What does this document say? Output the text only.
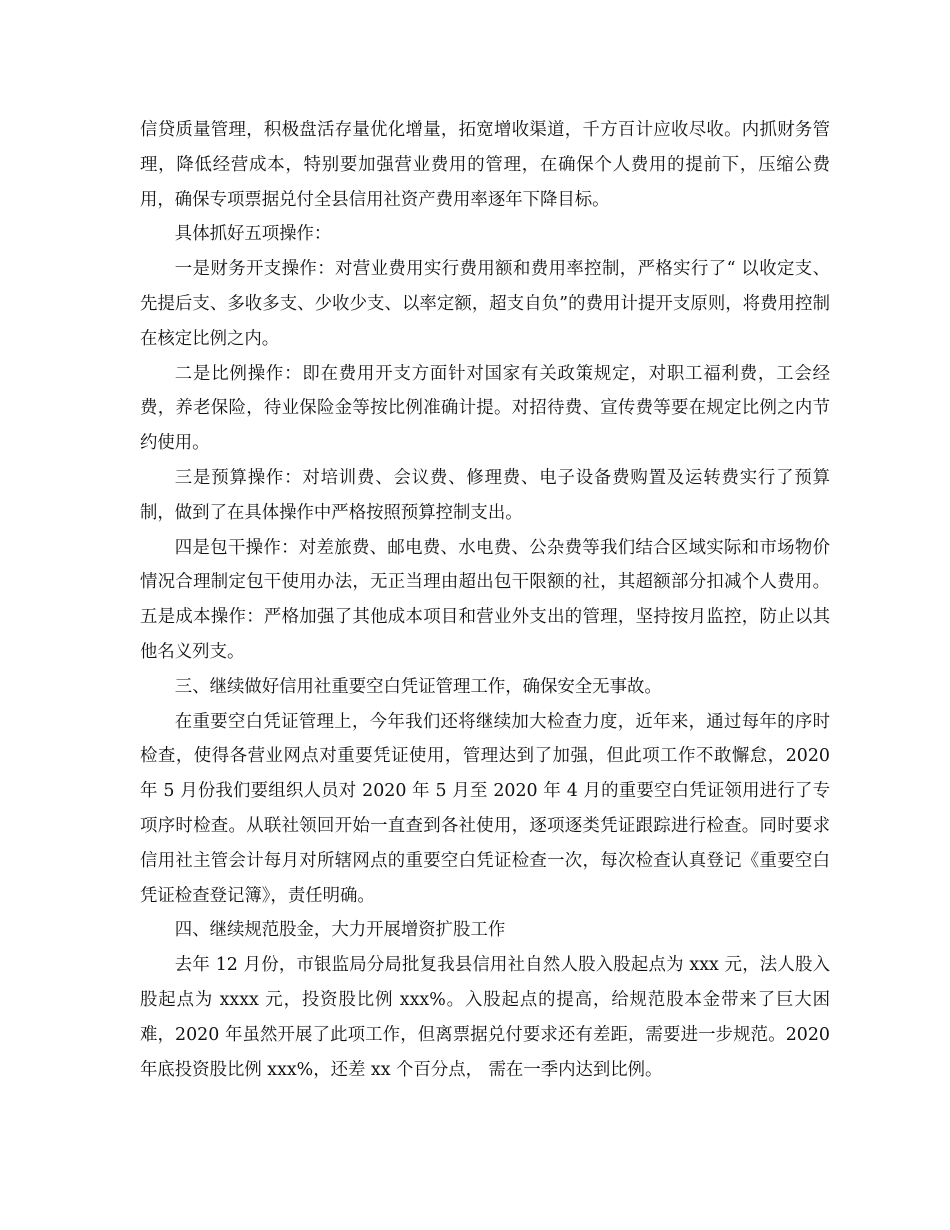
信贷质量管理，积极盘活存量优化增量，拓宽增收渠道，千方百计应收尽收。内抓财务管理，降低经营成本，特别要加强营业费用的管理，在确保个人费用的提前下，压缩公费用，确保专项票据兑付全县信用社资产费用率逐年下降目标。

具体抓好五项操作：

一是财务开支操作：对营业费用实行费用额和费用率控制，严格实行了“ 以收定支、先提后支、多收多支、少收少支、以率定额，超支自负”的费用计提开支原则，将费用控制在核定比例之内。

二是比例操作：即在费用开支方面针对国家有关政策规定，对职工福利费，工会经费，养老保险，待业保险金等按比例准确计提。对招待费、宣传费等要在规定比例之内节约使用。

三是预算操作：对培训费、会议费、修理费、电子设备费购置及运转费实行了预算制，做到了在具体操作中严格按照预算控制支出。

四是包干操作：对差旅费、邮电费、水电费、公杂费等我们结合区域实际和市场物价情况合理制定包干使用办法，无正当理由超出包干限额的社，其超额部分扣减个人费用。五是成本操作：严格加强了其他成本项目和营业外支出的管理，坚持按月监控，防止以其他名义列支。

三、继续做好信用社重要空白凭证管理工作，确保安全无事故。

在重要空白凭证管理上，今年我们还将继续加大检查力度，近年来，通过每年的序时检查，使得各营业网点对重要凭证使用，管理达到了加强，但此项工作不敢懈怠，2020 年 5 月份我们要组织人员对 2020 年 5 月至 2020 年 4 月的重要空白凭证领用进行了专项序时检查。从联社领回开始一直查到各社使用，逐项逐类凭证跟踪进行检查。同时要求信用社主管会计每月对所辖网点的重要空白凭证检查一次，每次检查认真登记《重要空白凭证检查登记簿》，责任明确。

四、继续规范股金，大力开展增资扩股工作

去年 12 月份，市银监局分局批复我县信用社自然人股入股起点为 xxx 元，法人股入股起点为 xxxx 元，投资股比例 xxx%。入股起点的提高，给规范股本金带来了巨大困难，2020 年虽然开展了此项工作，但离票据兑付要求还有差距，需要进一步规范。2020 年底投资股比例 xxx%，还差 xx 个百分点， 需在一季内达到比例。
